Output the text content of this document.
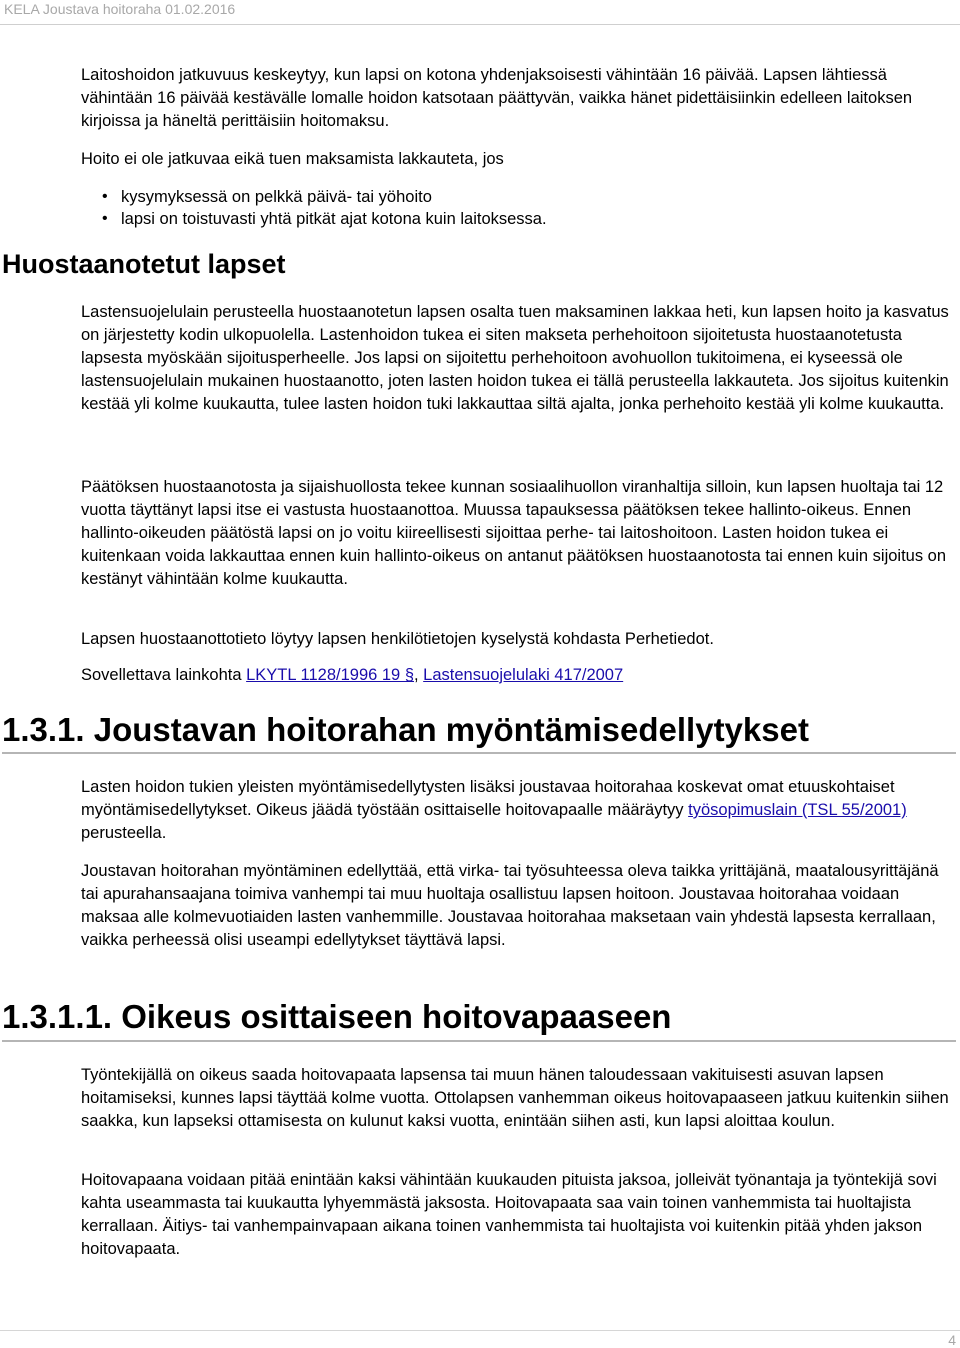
KELA Joustava hoitoraha 01.02.2016

Laitoshoidon jatkuvuus keskeytyy, kun lapsi on kotona yhdenjaksoisesti vähintään 16 päivää. Lapsen lähtiessä vähintään 16 päivää kestävälle lomalle hoidon katsotaan päättyvän, vaikka hänet pidettäisiinkin edelleen laitoksen kirjoissa ja häneltä perittäisiin hoitomaksu.

Hoito ei ole jatkuvaa eikä tuen maksamista lakkauteta, jos

• kysymyksessä on pelkkä päivä- tai yöhoito
• lapsi on toistuvasti yhtä pitkät ajat kotona kuin laitoksessa.
Huostaanotetut lapset

Lastensuojelulain perusteella huostaanotetun lapsen osalta tuen maksaminen lakkaa heti, kun lapsen hoito ja kasvatus on järjestetty kodin ulkopuolella. Lastenhoidon tukea ei siten makseta perhehoitoon sijoitetusta huostaanotetusta lapsesta myöskään sijoitusperheelle. Jos lapsi on sijoitettu perhehoitoon avohuollon tukitoimena, ei kyseessä ole lastensuojelulain mukainen huostaanotto, joten lasten hoidon tukea ei tällä perusteella lakkauteta. Jos sijoitus kuitenkin kestää yli kolme kuukautta, tulee lasten hoidon tuki lakkauttaa siltä ajalta, jonka perhehoito kestää yli kolme kuukautta.

Päätöksen huostaanotosta ja sijaishuollosta tekee kunnan sosiaalihuollon viranhaltija silloin, kun lapsen huoltaja tai 12 vuotta täyttänyt lapsi itse ei vastusta huostaanottoa. Muussa tapauksessa päätöksen tekee hallinto-oikeus. Ennen hallinto-oikeuden päätöstä lapsi on jo voitu kiireellisesti sijoittaa perhe- tai laitoshoitoon. Lasten hoidon tukea ei kuitenkaan voida lakkauttaa ennen kuin hallinto-oikeus on antanut päätöksen huostaanotosta tai ennen kuin sijoitus on kestänyt vähintään kolme kuukautta.

Lapsen huostaanottotieto löytyy lapsen henkilötietojen kyselystä kohdasta Perhetiedot.

Sovellettava lainkohta LKYTL 1128/1996 19 §, Lastensuojelulaki 417/2007

1.3.1. Joustavan hoitorahan myöntämisedellytykset

Lasten hoidon tukien yleisten myöntämisedellytysten lisäksi joustavaa hoitorahaa koskevat omat etuuskohtaiset myöntämisedellytykset. Oikeus jäädä työstään osittaiselle hoitovapaalle määräytyy työsopimuslain (TSL 55/2001) perusteella.

Joustavan hoitorahan myöntäminen edellyttää, että virka- tai työsuhteessa oleva taikka yrittäjänä, maatalousyrittäjänä tai apurahansaajana toimiva vanhempi tai muu huoltaja osallistuu lapsen hoitoon. Joustavaa hoitorahaa voidaan maksaa alle kolmevuotiaiden lasten vanhemmille. Joustavaa hoitorahaa maksetaan vain yhdestä lapsesta kerrallaan, vaikka perheessä olisi useampi edellytykset täyttävä lapsi.

1.3.1.1. Oikeus osittaiseen hoitovapaaseen

Työntekijällä on oikeus saada hoitovapaata lapsensa tai muun hänen taloudessaan vakituisesti asuvan lapsen hoitamiseksi, kunnes lapsi täyttää kolme vuotta. Ottolapsen vanhemman oikeus hoitovapaaseen jatkuu kuitenkin siihen saakka, kun lapseksi ottamisesta on kulunut kaksi vuotta, enintään siihen asti, kun lapsi aloittaa koulun.

Hoitovapaana voidaan pitää enintään kaksi vähintään kuukauden pituista jaksoa, jolleivät työnantaja ja työntekijä sovi kahta useammasta tai kuukautta lyhyemmästä jaksosta. Hoitovapaata saa vain toinen vanhemmista tai huoltajista kerrallaan. Äitiys- tai vanhempainvapaan aikana toinen vanhemmista tai huoltajista voi kuitenkin pitää yhden jakson hoitovapaata.

4
